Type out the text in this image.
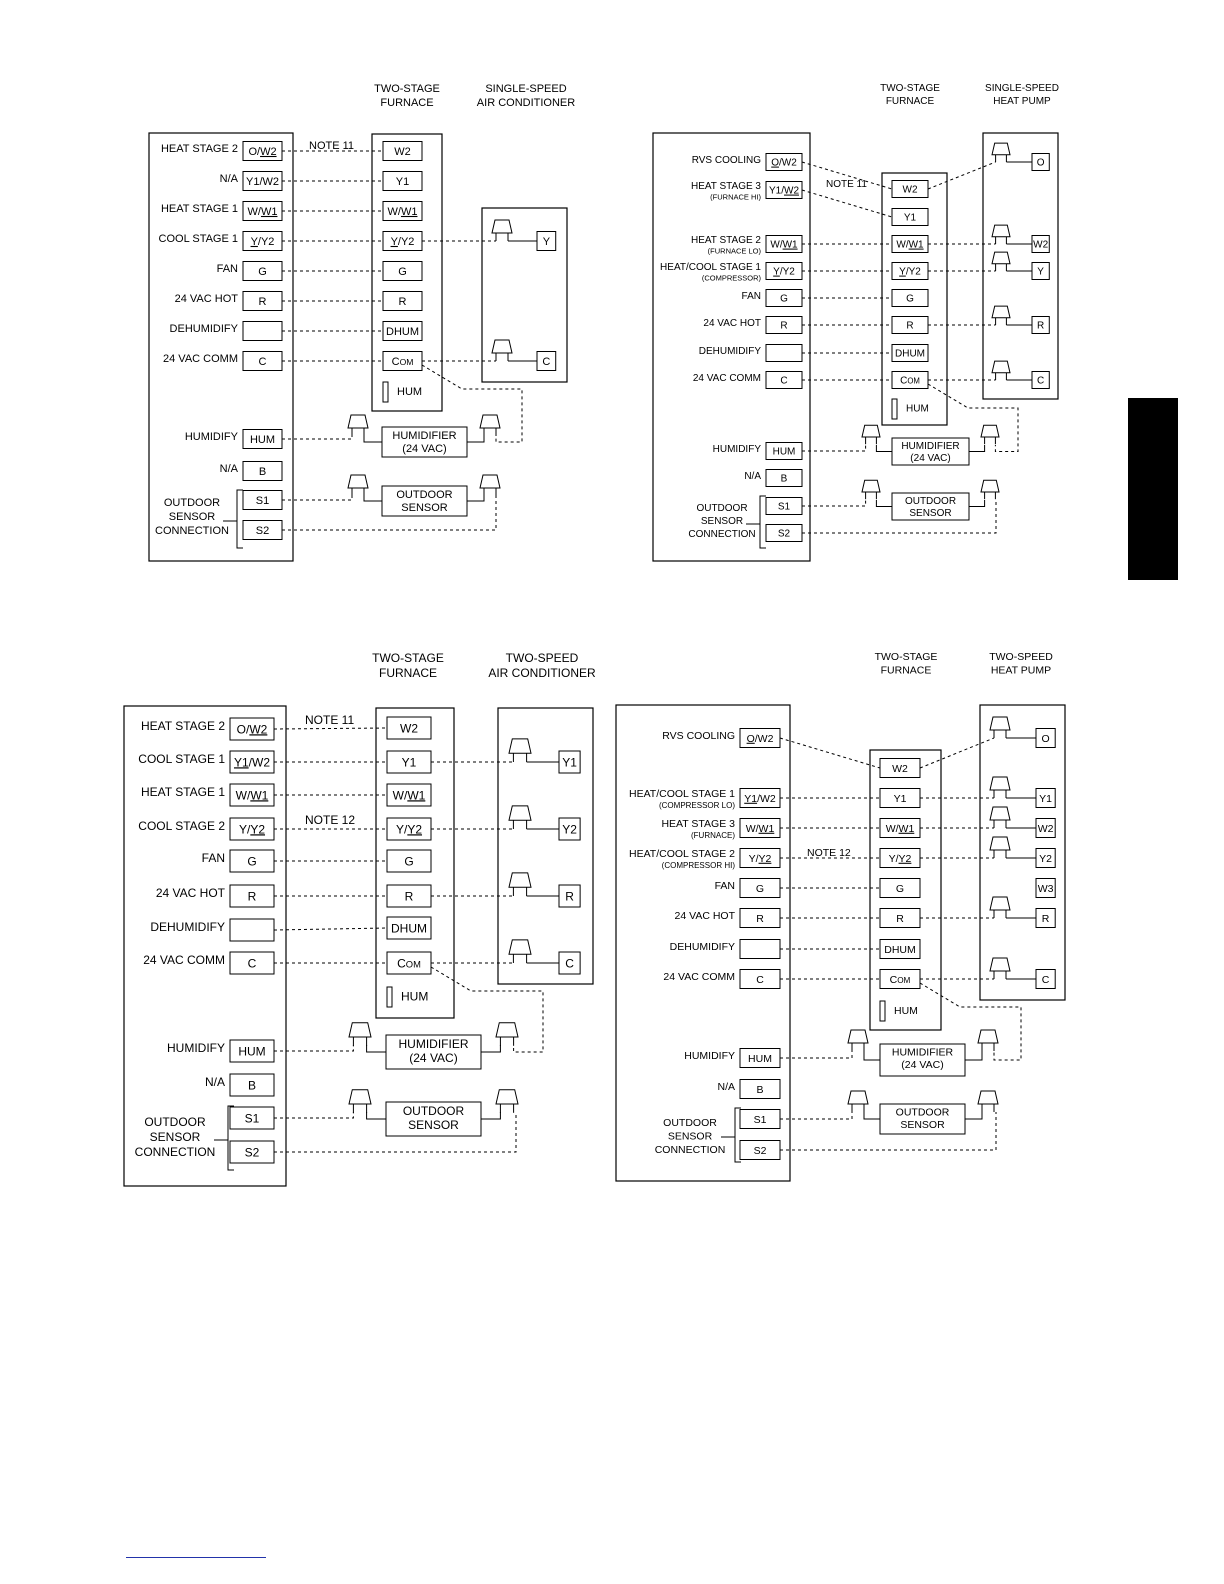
TWO-STAGE
FURNACE
SINGLE-SPEED
AIR CONDITIONER
O/W2
HEAT STAGE 2
Y1/W2
N/A
W/W1
HEAT STAGE 1
Y/Y2
COOL STAGE 1
G
FAN
R
24 VAC HOT
DEHUMIDIFY
C
24 VAC COMM
HUM
HUMIDIFY
B
N/A
S1
S2
OUTDOOR
SENSOR
CONNECTION
W2
Y1
W/W1
Y/Y2
G
R
DHUM
COM
HUM
Y
C
HUMIDIFIER
(24 VAC)
OUTDOOR
SENSOR
NOTE 11
TWO-STAGE
FURNACE
SINGLE-SPEED
HEAT PUMP
O/W2
RVS COOLING
Y1/W2
HEAT STAGE 3
(FURNACE HI)
W/W1
HEAT STAGE 2
(FURNACE LO)
Y/Y2
HEAT/COOL STAGE 1
(COMPRESSOR)
G
FAN
R
24 VAC HOT
DEHUMIDIFY
C
24 VAC COMM
HUM
HUMIDIFY
B
N/A
S1
S2
OUTDOOR
SENSOR
CONNECTION
W2
Y1
W/W1
Y/Y2
G
R
DHUM
COM
HUM
O
W2
Y
R
C
HUMIDIFIER
(24 VAC)
OUTDOOR
SENSOR
NOTE 11
TWO-STAGE
FURNACE
TWO-SPEED
AIR CONDITIONER
O/W2
HEAT STAGE 2
Y1/W2
COOL STAGE 1
W/W1
HEAT STAGE 1
Y/Y2
COOL STAGE 2
G
FAN
R
24 VAC HOT
DEHUMIDIFY
C
24 VAC COMM
HUM
HUMIDIFY
B
N/A
S1
S2
OUTDOOR
SENSOR
CONNECTION
W2
Y1
W/W1
Y/Y2
G
R
DHUM
COM
HUM
Y1
Y2
R
C
HUMIDIFIER
(24 VAC)
OUTDOOR
SENSOR
NOTE 11
NOTE 12
TWO-STAGE
FURNACE
TWO-SPEED
HEAT PUMP
O/W2
RVS COOLING
Y1/W2
HEAT/COOL STAGE 1
(COMPRESSOR LO)
W/W1
HEAT STAGE 3
(FURNACE)
Y/Y2
HEAT/COOL STAGE 2
(COMPRESSOR HI)
G
FAN
R
24 VAC HOT
DEHUMIDIFY
C
24 VAC COMM
HUM
HUMIDIFY
B
N/A
S1
S2
OUTDOOR
SENSOR
CONNECTION
W2
Y1
W/W1
Y/Y2
G
R
DHUM
COM
HUM
O
Y1
W2
Y2
W3
R
C
HUMIDIFIER
(24 VAC)
OUTDOOR
SENSOR
NOTE 12
